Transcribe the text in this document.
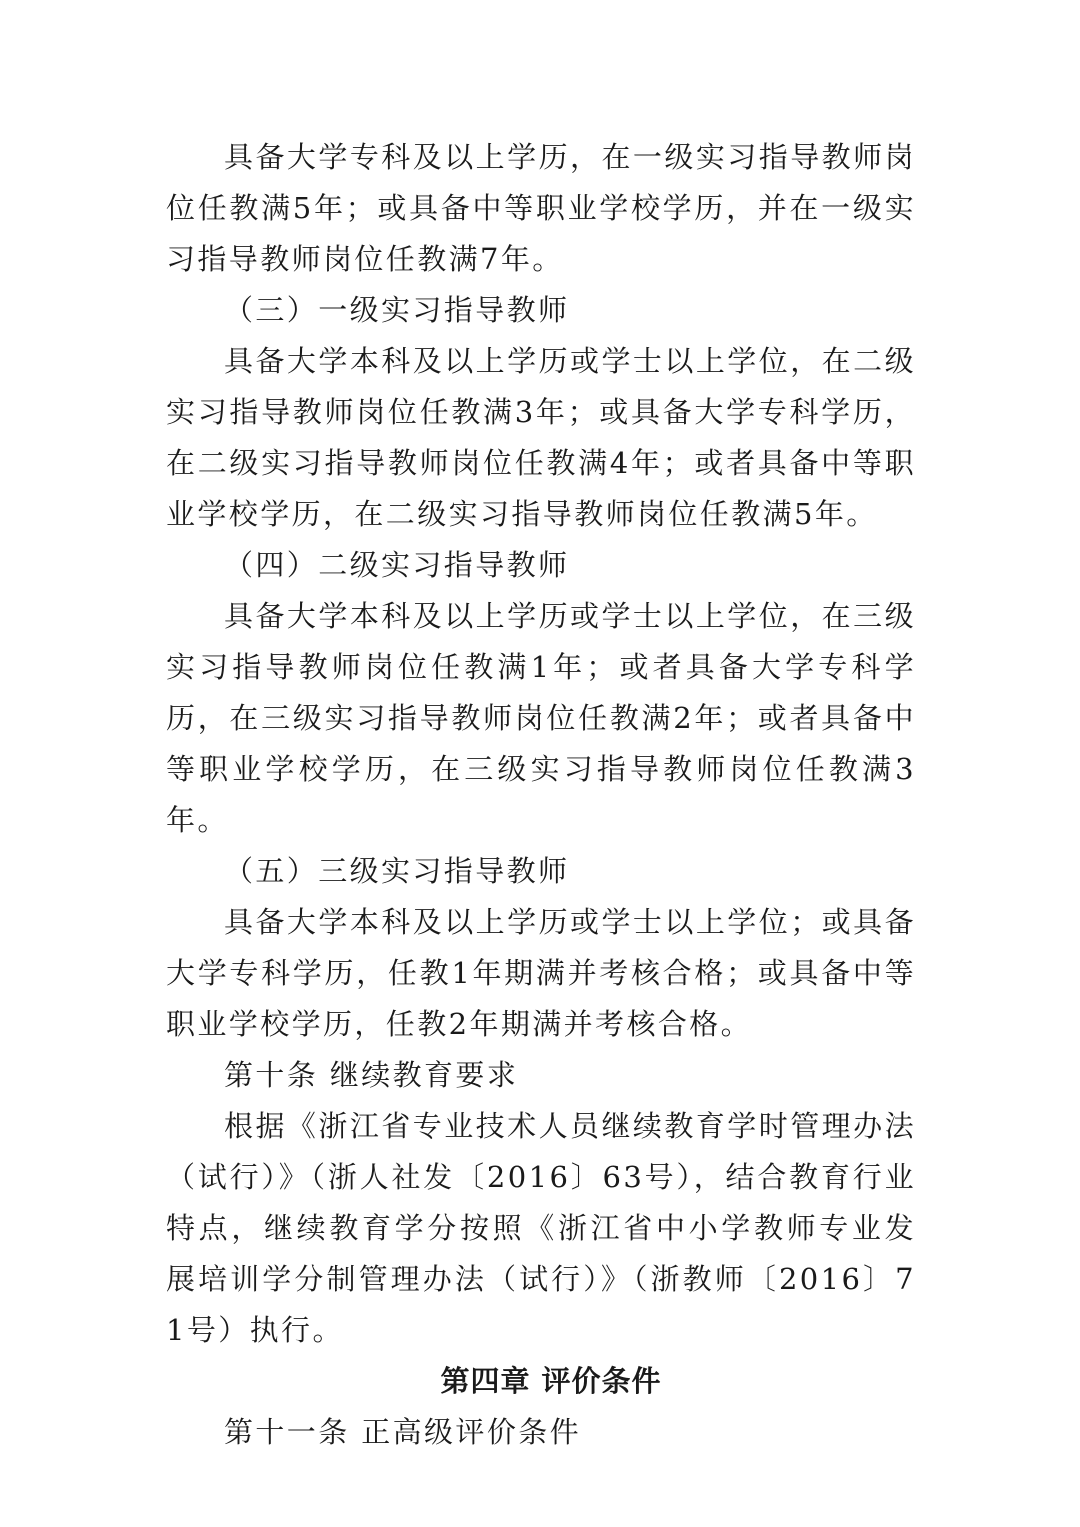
具备大学专科及以上学历，在一级实习指导教师岗位任教满5年；或具备中等职业学校学历，并在一级实习指导教师岗位任教满7年。

（三）一级实习指导教师

具备大学本科及以上学历或学士以上学位，在二级实习指导教师岗位任教满3年；或具备大学专科学历，在二级实习指导教师岗位任教满4年；或者具备中等职业学校学历，在二级实习指导教师岗位任教满5年。

（四）二级实习指导教师

具备大学本科及以上学历或学士以上学位，在三级实习指导教师岗位任教满1年；或者具备大学专科学历，在三级实习指导教师岗位任教满2年；或者具备中等职业学校学历，在三级实习指导教师岗位任教满3年。

（五）三级实习指导教师

具备大学本科及以上学历或学士以上学位；或具备大学专科学历，任教1年期满并考核合格；或具备中等职业学校学历，任教2年期满并考核合格。

第十条 继续教育要求

根据《浙江省专业技术人员继续教育学时管理办法（试行）》（浙人社发〔2016〕63号），结合教育行业特点，继续教育学分按照《浙江省中小学教师专业发展培训学分制管理办法（试行）》（浙教师〔2016〕71号）执行。

第四章 评价条件

第十一条 正高级评价条件
